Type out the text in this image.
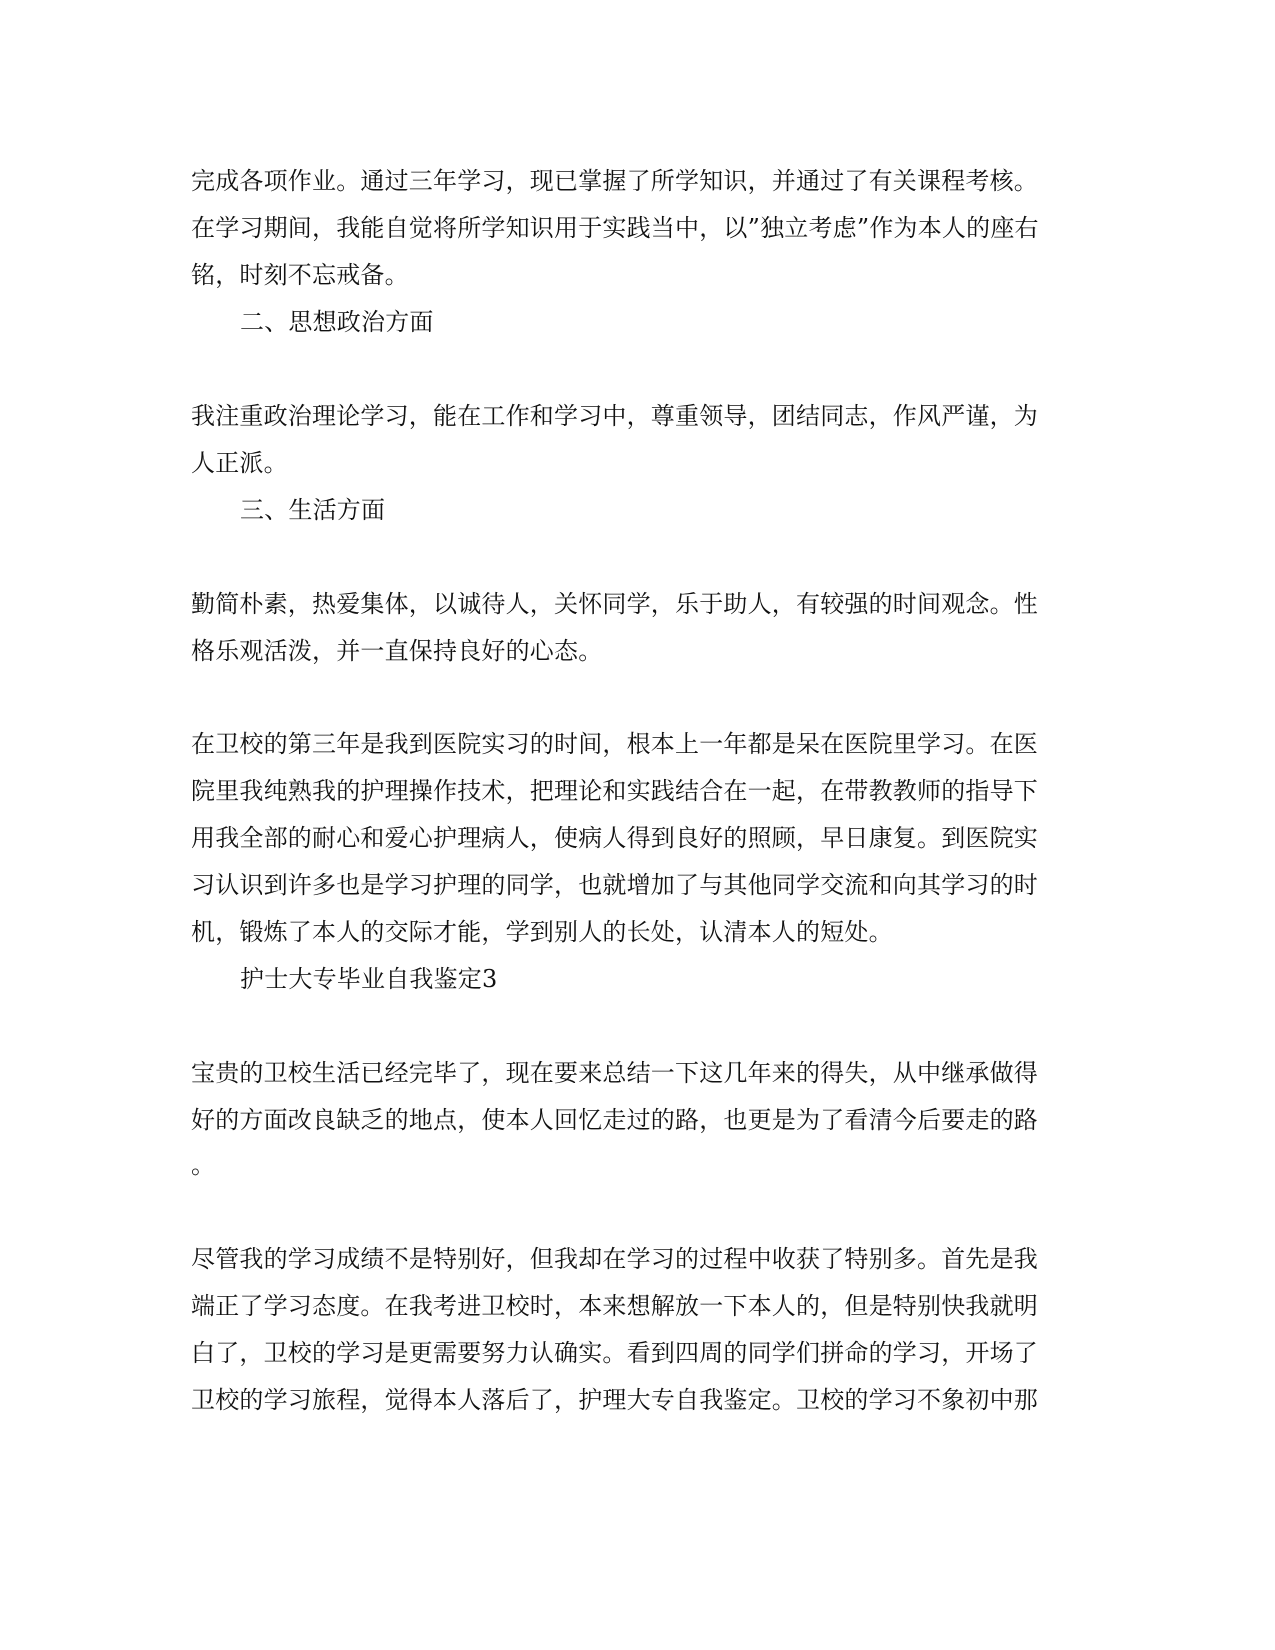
完成各项作业。通过三年学习，现已掌握了所学知识，并通过了有关课程考核。
在学习期间，我能自觉将所学知识用于实践当中，以”独立考虑”作为本人的座右
铭，时刻不忘戒备。
二、思想政治方面
我注重政治理论学习，能在工作和学习中，尊重领导，团结同志，作风严谨，为
人正派。
三、生活方面
勤简朴素，热爱集体，以诚待人，关怀同学，乐于助人，有较强的时间观念。性
格乐观活泼，并一直保持良好的心态。
在卫校的第三年是我到医院实习的时间，根本上一年都是呆在医院里学习。在医
院里我纯熟我的护理操作技术，把理论和实践结合在一起，在带教教师的指导下
用我全部的耐心和爱心护理病人，使病人得到良好的照顾，早日康复。到医院实
习认识到许多也是学习护理的同学，也就增加了与其他同学交流和向其学习的时
机，锻炼了本人的交际才能，学到别人的长处，认清本人的短处。
护士大专毕业自我鉴定3
宝贵的卫校生活已经完毕了，现在要来总结一下这几年来的得失，从中继承做得
好的方面改良缺乏的地点，使本人回忆走过的路，也更是为了看清今后要走的路
。
尽管我的学习成绩不是特别好，但我却在学习的过程中收获了特别多。首先是我
端正了学习态度。在我考进卫校时，本来想解放一下本人的，但是特别快我就明
白了，卫校的学习是更需要努力认确实。看到四周的同学们拼命的学习，开场了
卫校的学习旅程，觉得本人落后了，护理大专自我鉴定。卫校的学习不象初中那
